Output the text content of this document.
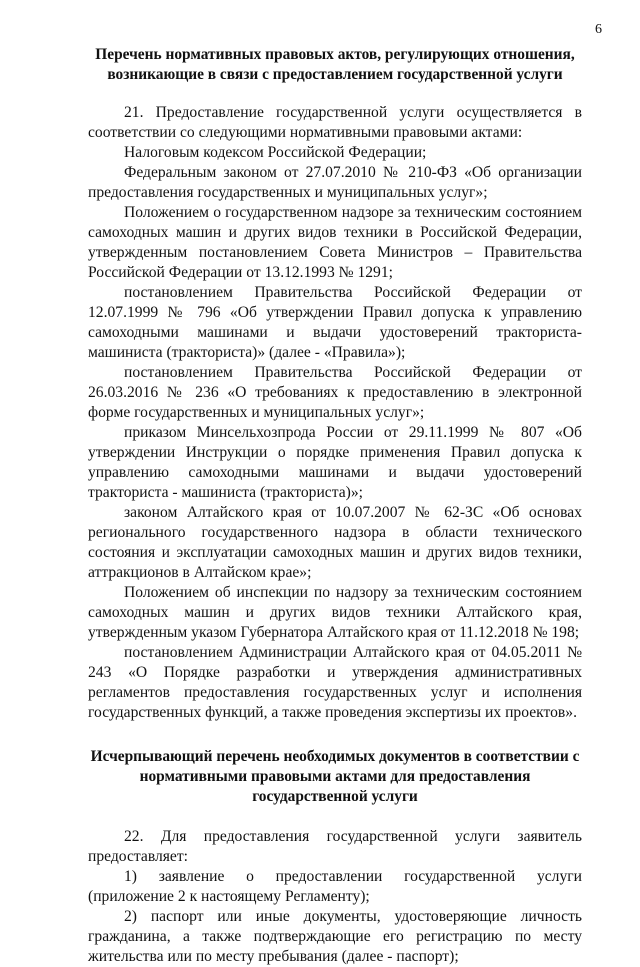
6
Перечень нормативных правовых актов, регулирующих отношения,
возникающие в связи с предоставлением государственной услуги

21. Предоставление государственной услуги осуществляется в соответствии со следующими нормативными правовыми актами:

Налоговым кодексом Российской Федерации;

Федеральным законом от 27.07.2010 № 210-ФЗ «Об организации предоставления государственных и муниципальных услуг»;

Положением о государственном надзоре за техническим состоянием самоходных машин и других видов техники в Российской Федерации, утвержденным постановлением Совета Министров – Правительства Российской Федерации от 13.12.1993 № 1291;

постановлением Правительства Российской Федерации от 12.07.1999 № 796 «Об утверждении Правил допуска к управлению самоходными машинами и выдачи удостоверений тракториста-машиниста (тракториста)» (далее - «Правила»);

постановлением Правительства Российской Федерации от 26.03.2016 № 236 «О требованиях к предоставлению в электронной форме государственных и муниципальных услуг»;

приказом Минсельхозпрода России от 29.11.1999 № 807 «Об утверждении Инструкции о порядке применения Правил допуска к управлению самоходными машинами и выдачи удостоверений тракториста - машиниста (тракториста)»;

законом Алтайского края от 10.07.2007 № 62-ЗС «Об основах регионального государственного надзора в области технического состояния и эксплуатации самоходных машин и других видов техники, аттракционов в Алтайском крае»;

Положением об инспекции по надзору за техническим состоянием самоходных машин и других видов техники Алтайского края, утвержденным указом Губернатора Алтайского края от 11.12.2018 № 198;

постановлением Администрации Алтайского края от 04.05.2011 № 243 «О Порядке разработки и утверждения административных регламентов предоставления государственных услуг и исполнения государственных функций, а также проведения экспертизы их проектов».

Исчерпывающий перечень необходимых документов в соответствии с
нормативными правовыми актами для предоставления
государственной услуги

22. Для предоставления государственной услуги заявитель предоставляет:

1) заявление о предоставлении государственной услуги (приложение 2 к настоящему Регламенту);

2) паспорт или иные документы, удостоверяющие личность гражданина, а также подтверждающие его регистрацию по месту жительства или по месту пребывания (далее - паспорт);
